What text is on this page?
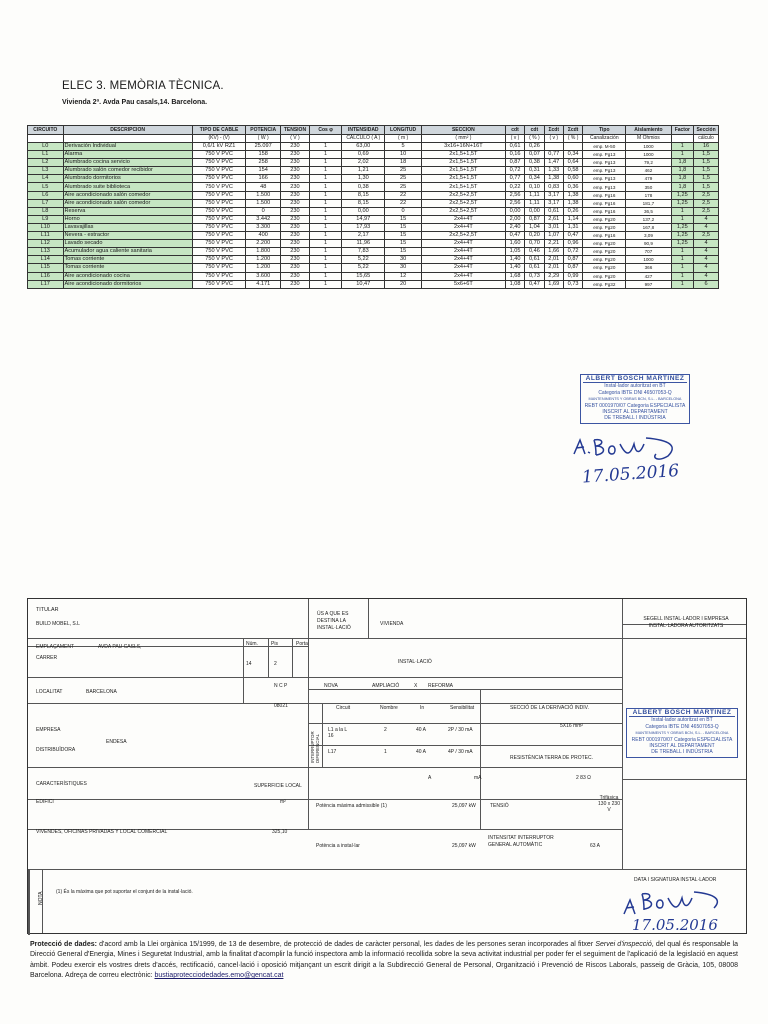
ELEC 3. MEMÒRIA TÈCNICA.
Vivienda 2ª. Avda Pau casals,14. Barcelona.
CIRCUITO	DESCRIPCION	TIPO DE CABLE	POTENCIA	TENSION	Cos φ	INTENSIDAD	LONGITUD	SECCION	cdt	cdt	Σcdt	Σcdt	Tipo	Aislamiento	Factor	Sección
		(KV) - (V)	( W )	( V )		CALCULO ( A )	( m )	( mm² )	( v )	( % )	( v )	( % )	Canalización	M Ohmios		cálculo
L0	Derivación Individual	0,6/1 kV RZ1	25.097	230	1	63,00	5	3x16+16N+16T	0,61	0,26			emp. M-50	1000	1	16
L1	Alarma	750 V PVC	158	230	1	0,69	10	2x1,5+1,5T	0,16	0,07	0,77	0,34	emp. Pg13	1000	1	1,5
L2	Alumbrado cocina servicio	750 V PVC	258	230	1	2,02	18	2x1,5+1,5T	0,87	0,38	1,47	0,64	emp. Pg13	79,2	1,8	1,5
L3	Alumbrado salón comedor recibidor	750 V PVC	154	230	1	1,21	25	2x1,5+1,5T	0,72	0,31	1,33	0,58	emp. Pg13	462	1,8	1,5
L4	Alumbrado dormitorios	750 V PVC	166	230	1	1,30	25	2x1,5+1,5T	0,77	0,34	1,38	0,60	emp. Pg13	479	1,8	1,5
L5	Alumbrado suite biblioteca	750 V PVC	48	230	1	0,38	25	2x1,5+1,5T	0,22	0,10	0,83	0,36	emp. Pg13	350	1,8	1,5
L6	Aire acondicionado salón comedor	750 V PVC	1.500	230	1	8,15	22	2x2,5+2,5T	2,56	1,11	3,17	1,38	emp. Pg16	178	1,25	2,5
L7	Aire acondicionado salón comedor	750 V PVC	1.500	230	1	8,15	22	2x2,5+2,5T	2,56	1,11	3,17	1,38	emp. Pg16	181,7	1,25	2,5
L8	Reserva	750 V PVC	0	230	1	0,00	0	2x2,5+2,5T	0,00	0,00	0,61	0,26	emp. Pg16	36,5	1	2,5
L9	Horno	750 V PVC	3.442	230	1	14,97	15	2x4+4T	2,00	0,87	2,61	1,14	emp. Pg20	137,2	1	4
L10	Lavavajillas	750 V PVC	3.300	230	1	17,93	15	2x4+4T	2,40	1,04	3,01	1,31	emp. Pg20	167,8	1,25	4
L11	Nevera - estractor	750 V PVC	400	230	1	2,17	15	2x2,5+2,5T	0,47	0,20	1,07	0,47	emp. Pg16	3,09	1,25	2,5
L12	Lavado secado	750 V PVC	2.200	230	1	11,96	15	2x4+4T	1,60	0,70	2,21	0,96	emp. Pg20	90,9	1,25	4
L13	Acumulador agua caliente sanitaria	750 V PVC	1.800	230	1	7,83	15	2x4+4T	1,05	0,46	1,66	0,72	emp. Pg20	707	1	4
L14	Tomas corriente	750 V PVC	1.200	230	1	5,22	30	2x4+4T	1,40	0,61	2,01	0,87	emp. Pg20	1000	1	4
L15	Tomas corriente	750 V PVC	1.200	230	1	5,22	30	2x4+4T	1,40	0,61	2,01	0,87	emp. Pg20	366	1	4
L16	Aire acondicionado cocina	750 V PVC	3.600	230	1	15,65	12	2x4+4T	1,68	0,73	2,29	0,99	emp. Pg20	427	1	4
L17	Aire acondicionado dormitorios	750 V PVC	4.171	230	1	10,47	20	5x6+6T	1,08	0,47	1,69	0,73	emp. Pg32	997	1	6
ALBERT BOSCH MARTINEZ
Instal·lador autoritzat en BT
Categoria IBTE DNI 46507053-Q
MANTENIMENTS Y OBRAS BCN, S.L. - BARCELONA
REBT 0001970/07 Categoria ESPECIALISTA
INSCRIT AL DEPARTAMENT
DE TREBALL I INDÚSTRIA
17.05.2016
TITULAR
BUILD MOBEL, S.L
ÚS A QUE ES DESTINA LA INSTAL·LACIÓ
VIVIENDA
SEGELL INSTAL·LADOR I EMPRESA INSTAL·LADORA AUTORITZATS
EMPLAÇAMENT	AVDA PAU CASLS,	Núm.	Pis	Porta
CARRER
14	2	INSTAL·LACIÓ
LOCALITAT	BARCELONA
N C P
08021
NOVA	AMPLIACIÓ	X REFORMA
Circuit	Nombre	In	Sensibilitat	SECCIÓ DE LA DERIVACIÓ INDIV.
5X16 mm²
INTERRUPTOR DIFERENCIAL
L1 a la L 16
2	40 A	2P / 30 mA
L17	1	40 A	4P / 30 mA
EMPRESA
ENDESA
DISTRIBUÏDORA
RESISTÈNCIA TERRA DE PROTEC.
A	mA	2 83 Ω
CARACTERÍSTIQUES	SUPERFICIE LOCAL
EDIFICI	m²
Potència màxima admissible (1)	25,097 kW	TENSIÓ
Trifàsica 130 x 230 V
VIVENDES, OFICINAS PRIVADAS Y LOCAL COMERCIAL	325,10
Potència a instal·lar	25,097 kW
INTENSITAT INTERRUPTOR GENERAL AUTOMÀTIC	63 A
DATA I SIGNATURA INSTAL·LADOR
NOTA (1) És la màxima que pot suportar el conjunt de la instal·lació.
ALBERT BOSCH MARTINEZ
Instal·lador autoritzat en BT
Categoria IBTE DNI 46507053-Q
MANTENIMENTS Y OBRAS BCN, S.L. - BARCELONA
REBT 0001970/07 Categoria ESPECIALISTA
INSCRIT AL DEPARTAMENT
DE TREBALL I INDÚSTRIA
17.05.2016
Protecció de dades: d'acord amb la Llei orgànica 15/1999, de 13 de desembre, de protecció de dades de caràcter personal, les dades de les persones seran incorporades al fitxer Servei d'inspecció, del qual és responsable la Direcció General d'Energia, Mines i Seguretat Industrial, amb la finalitat d'acomplir la funció inspectora amb la informació recollida sobre la seva activitat industrial per poder fer el seguiment de l'aplicació de la legislació en aquest àmbit. Podeu exercir els vostres drets d'accés, rectificació, cancel·lació i oposició mitjançant un escrit dirigit a la Subdirecció General de Personal, Organització i Prevenció de Riscos Laborals, passeig de Gràcia, 105, 08008 Barcelona. Adreça de correu electrònic: bustiaprotecciodedades.emo@gencat.cat
